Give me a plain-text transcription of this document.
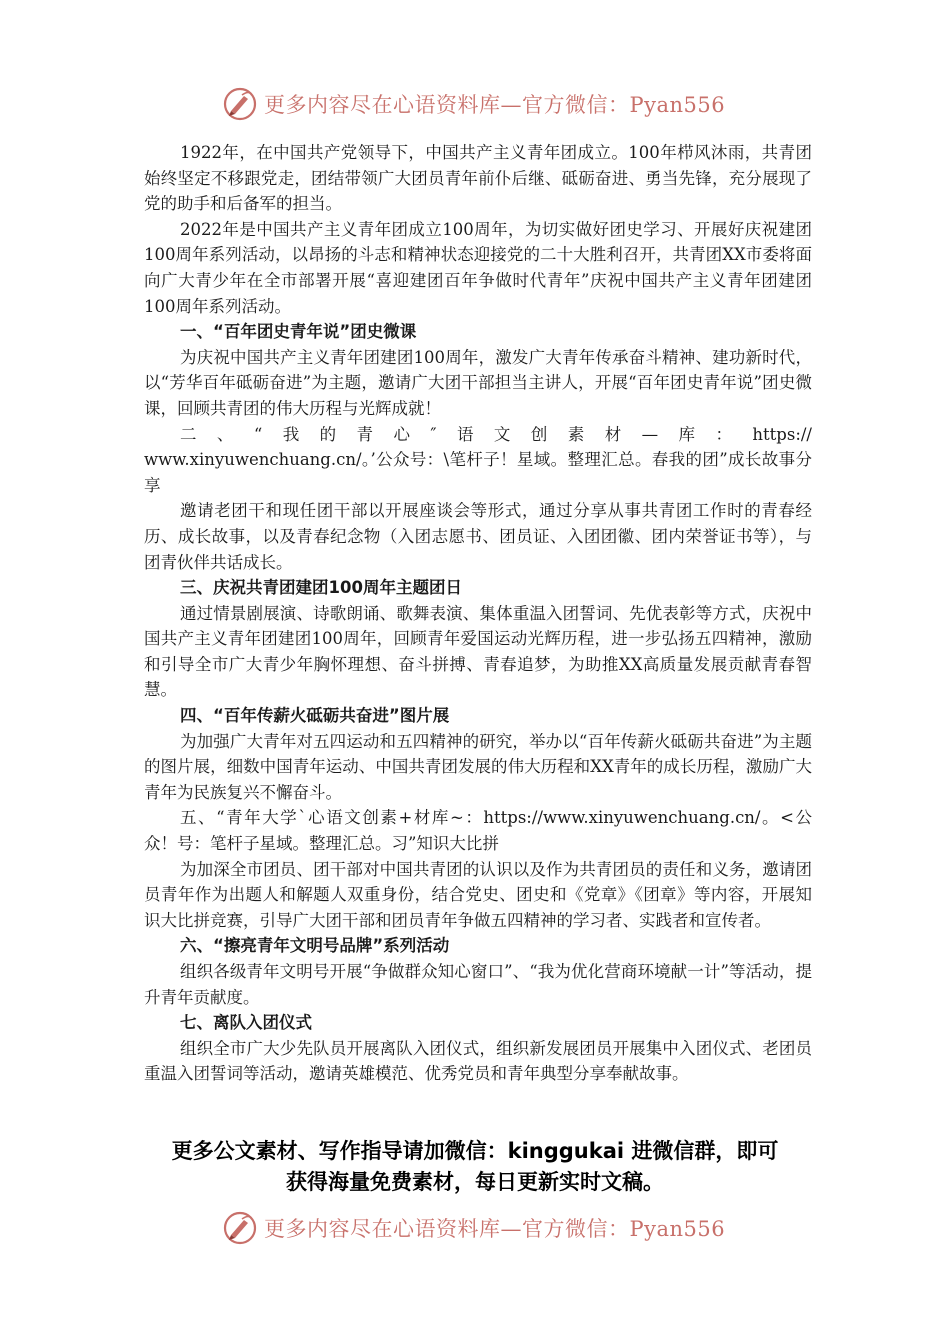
更多内容尽在心语资料库—官方微信：Pyan556

1922年，在中国共产党领导下，中国共产主义青年团成立。100年栉风沐雨，共青团始终坚定不移跟党走，团结带领广大团员青年前仆后继、砥砺奋进、勇当先锋，充分展现了党的助手和后备军的担当。

2022年是中国共产主义青年团成立100周年，为切实做好团史学习、开展好庆祝建团100周年系列活动，以昂扬的斗志和精神状态迎接党的二十大胜利召开，共青团XX市委将面向广大青少年在全市部署开展“喜迎建团百年争做时代青年”庆祝中国共产主义青年团建团100周年系列活动。

一、“百年团史青年说”团史微课

为庆祝中国共产主义青年团建团100周年，激发广大青年传承奋斗精神、建功新时代，以“芳华百年砥砺奋进”为主题，邀请广大团干部担当主讲人，开展“百年团史青年说”团史微课，回顾共青团的伟大历程与光辉成就！

二、“我的青心″语文创素材—库：https://

www.xinyuwenchuang.cn/。’公众号：\笔杆子！星域。整理汇总。春我的团”成长故事分享

邀请老团干和现任团干部以开展座谈会等形式，通过分享从事共青团工作时的青春经历、成长故事，以及青春纪念物（入团志愿书、团员证、入团团徽、团内荣誉证书等），与团青伙伴共话成长。

三、庆祝共青团建团100周年主题团日

通过情景剧展演、诗歌朗诵、歌舞表演、集体重温入团誓词、先优表彰等方式，庆祝中国共产主义青年团建团100周年，回顾青年爱国运动光辉历程，进一步弘扬五四精神，激励和引导全市广大青少年胸怀理想、奋斗拼搏、青春追梦，为助推XX高质量发展贡献青春智慧。

四、“百年传薪火砥砺共奋进”图片展

为加强广大青年对五四运动和五四精神的研究，举办以“百年传薪火砥砺共奋进”为主题的图片展，细数中国青年运动、中国共青团发展的伟大历程和XX青年的成长历程，激励广大青年为民族复兴不懈奋斗。

五、“青年大学`心语文创素+材库~：https://www.xinyuwenchuang.cn/。<公众！号：笔杆子星域。整理汇总。习”知识大比拼

为加深全市团员、团干部对中国共青团的认识以及作为共青团员的责任和义务，邀请团员青年作为出题人和解题人双重身份，结合党史、团史和《党章》《团章》等内容，开展知识大比拼竞赛，引导广大团干部和团员青年争做五四精神的学习者、实践者和宣传者。

六、“擦亮青年文明号品牌”系列活动

组织各级青年文明号开展“争做群众知心窗口”、“我为优化营商环境献一计”等活动，提升青年贡献度。

七、离队入团仪式

组织全市广大少先队员开展离队入团仪式，组织新发展团员开展集中入团仪式、老团员重温入团誓词等活动，邀请英雄模范、优秀党员和青年典型分享奉献故事。

更多公文素材、写作指导请加微信：kinggukai 进微信群，即可
获得海量免费素材，每日更新实时文稿。
更多内容尽在心语资料库—官方微信：Pyan556
